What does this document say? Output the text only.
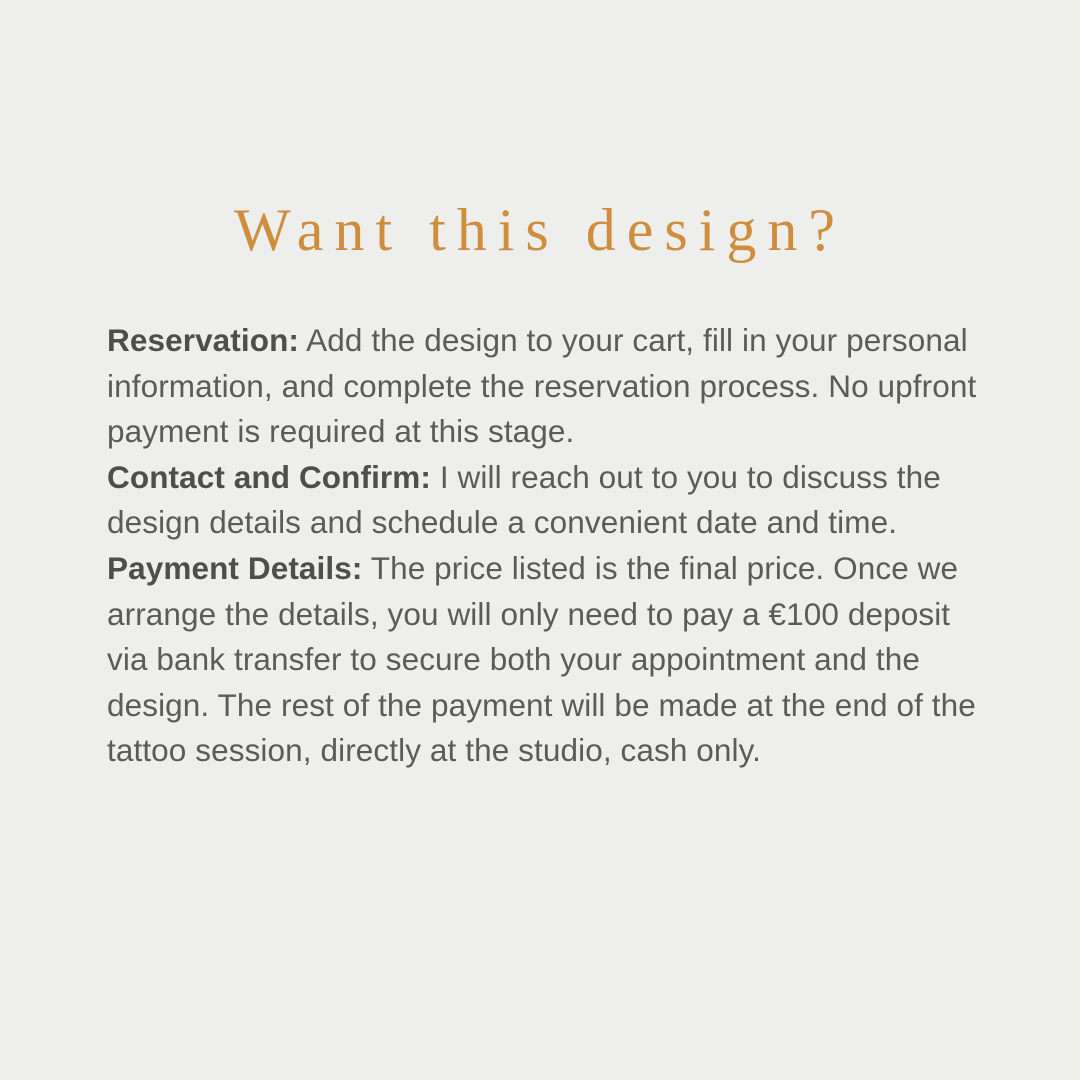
Want this design?

Reservation: Add the design to your cart, fill in your personal information, and complete the reservation process. No upfront payment is required at this stage.

Contact and Confirm: I will reach out to you to discuss the design details and schedule a convenient date and time.

Payment Details: The price listed is the final price. Once we arrange the details, you will only need to pay a €100 deposit via bank transfer to secure both your appointment and the design. The rest of the payment will be made at the end of the tattoo session, directly at the studio, cash only.
